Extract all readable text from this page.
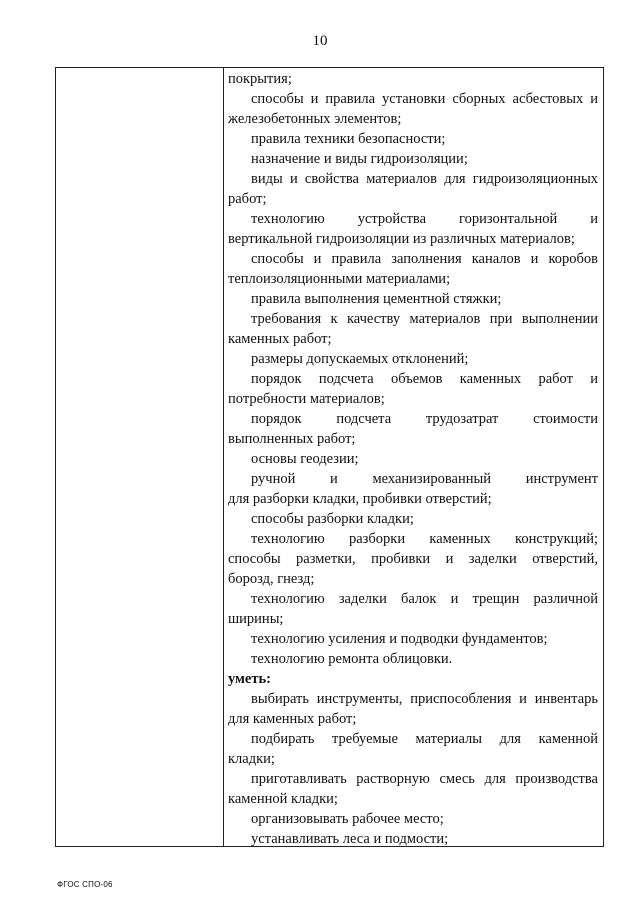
10
покрытия;
способы и правила установки сборных асбестовых и
железобетонных элементов;
правила техники безопасности;
назначение и виды гидроизоляции;
виды и свойства материалов для гидроизоляционных
работ;
технологию устройства горизонтальной и
вертикальной гидроизоляции из различных материалов;
способы и правила заполнения каналов и коробов
теплоизоляционными материалами;
правила выполнения цементной стяжки;
требования к качеству материалов при выполнении
каменных работ;
размеры допускаемых отклонений;
порядок подсчета объемов каменных работ и
потребности материалов;
порядок подсчета трудозатрат стоимости
выполненных работ;
основы геодезии;
ручной и механизированный инструмент
для разборки кладки, пробивки отверстий;
способы разборки кладки;
технологию разборки каменных конструкций;
способы разметки, пробивки и заделки отверстий,
борозд, гнезд;
технологию заделки балок и трещин различной
ширины;
технологию усиления и подводки фундаментов;
технологию ремонта облицовки.
уметь:
выбирать инструменты, приспособления и инвентарь
для каменных работ;
подбирать требуемые материалы для каменной
кладки;
приготавливать растворную смесь для производства
каменной кладки;
организовывать рабочее место;
устанавливать леса и подмости;
ФГОС СПО-06
